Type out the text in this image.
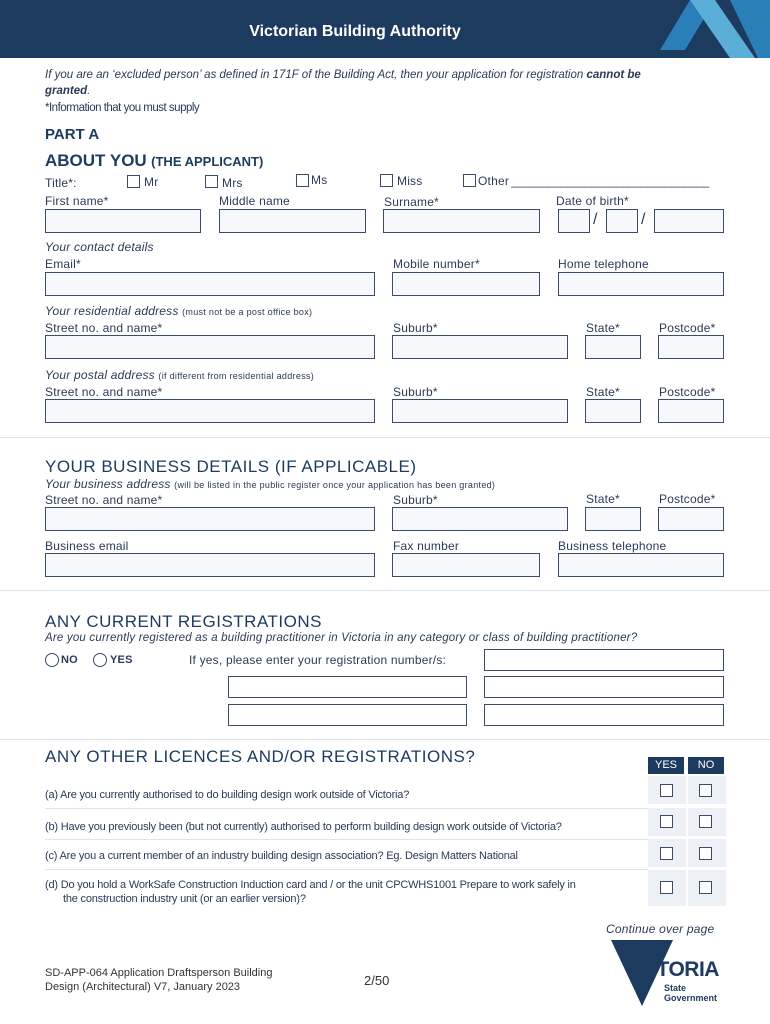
Victorian Building Authority
If you are an ‘excluded person’ as defined in 171F of the Building Act, then your application for registration cannot be
granted.
*Information that you must supply
PART A
ABOUT YOU (THE APPLICANT)
Title*:	Mr	Mrs	Ms	Miss	Other ________________________________
First name*	Middle name	Surname*	Date of birth*
/	/
Your contact details
Email*	Mobile number*	Home telephone
Your residential address (must not be a post office box)
Street no. and name*	Suburb*	State*	Postcode*
Your postal address (if different from residential address)
Street no. and name*	Suburb*	State*	Postcode*
YOUR BUSINESS DETAILS (IF APPLICABLE)
Your business address (will be listed in the public register once your application has been granted)
Street no. and name*	Suburb*	State*	Postcode*
Business email	Fax number	Business telephone
ANY CURRENT REGISTRATIONS
Are you currently registered as a building practitioner in Victoria in any category or class of building practitioner?
NO	YES	If yes, please enter your registration number/s:
ANY OTHER LICENCES AND/OR REGISTRATIONS?	YES	NO
(a) Are you currently authorised to do building design work outside of Victoria?
(b) Have you previously been (but not currently) authorised to perform building design work outside of Victoria?
(c) Are you a current member of an industry building design association? Eg. Design Matters National
(d) Do you hold a WorkSafe Construction Induction card and / or the unit CPCWHS1001 Prepare to work safely in
the construction industry unit (or an earlier version)?
Continue over page
SD-APP-064 Application Draftsperson Building
Design (Architectural) V7, January 2023	2/50	VICTORIA
State
Government
